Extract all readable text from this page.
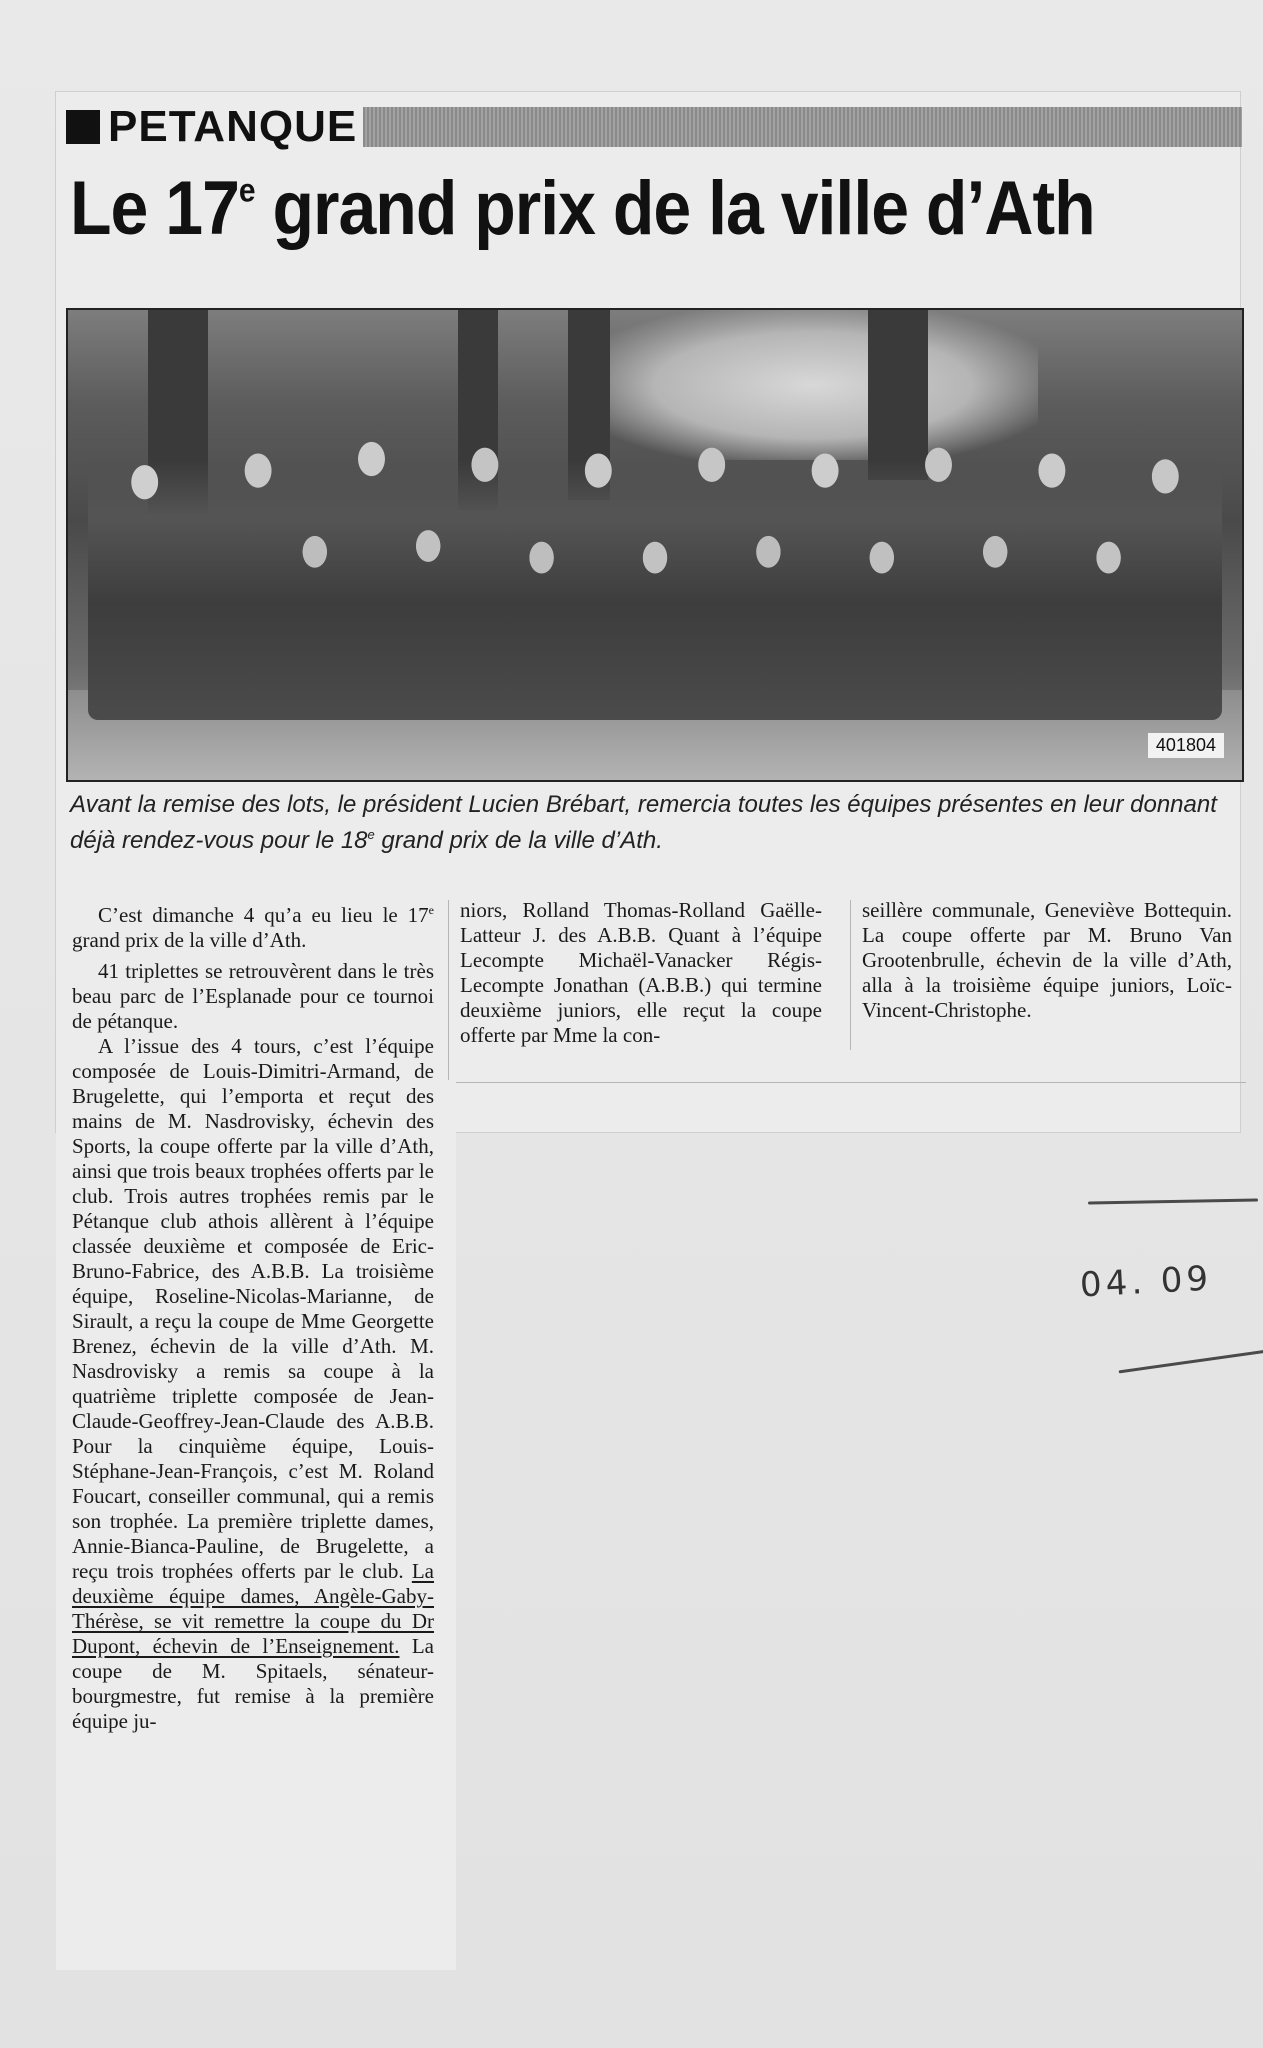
PETANQUE
Le 17e grand prix de la ville d’Ath
401804
Avant la remise des lots, le président Lucien Brébart, remercia toutes les équipes présentes en leur donnant déjà rendez-vous pour le 18e grand prix de la ville d’Ath.

C’est dimanche 4 qu’a eu lieu le 17e grand prix de la ville d’Ath.

41 triplettes se retrouvèrent dans le très beau parc de l’Esplanade pour ce tournoi de pétanque.

A l’issue des 4 tours, c’est l’équipe composée de Louis-Dimitri-Armand, de Brugelette, qui l’emporta et reçut des mains de M. Nasdrovisky, échevin des Sports, la coupe offerte par la ville d’Ath, ainsi que trois beaux trophées offerts par le club. Trois autres trophées remis par le Pétanque club athois allèrent à l’équipe classée deuxième et composée de Eric-Bruno-Fabrice, des A.B.B. La troisième équipe, Roseline-Nicolas-Marianne, de Sirault, a reçu la coupe de Mme Georgette Brenez, échevin de la ville d’Ath. M. Nasdrovisky a remis sa coupe à la quatrième triplette composée de Jean-Claude-Geoffrey-Jean-Claude des A.B.B. Pour la cinquième équipe, Louis-Stéphane-Jean-François, c’est M. Roland Foucart, conseiller communal, qui a remis son trophée. La première triplette dames, Annie-Bianca-Pauline, de Brugelette, a reçu trois trophées offerts par le club. La deuxième équipe dames, Angèle-Gaby-Thérèse, se vit remettre la coupe du Dr Dupont, échevin de l’Enseignement. La coupe de M. Spitaels, sénateur-bourgmestre, fut remise à la première équipe ju-

niors, Rolland Thomas-Rolland Gaëlle-Latteur J. des A.B.B. Quant à l’équipe Lecompte Michaël-Vanacker Régis-Lecompte Jonathan (A.B.B.) qui termine deuxième juniors, elle reçut la coupe offerte par Mme la con-

seillère communale, Geneviève Bottequin. La coupe offerte par M. Bruno Van Grootenbrulle, échevin de la ville d’Ath, alla à la troisième équipe juniors, Loïc-Vincent-Christophe.

04. 09
